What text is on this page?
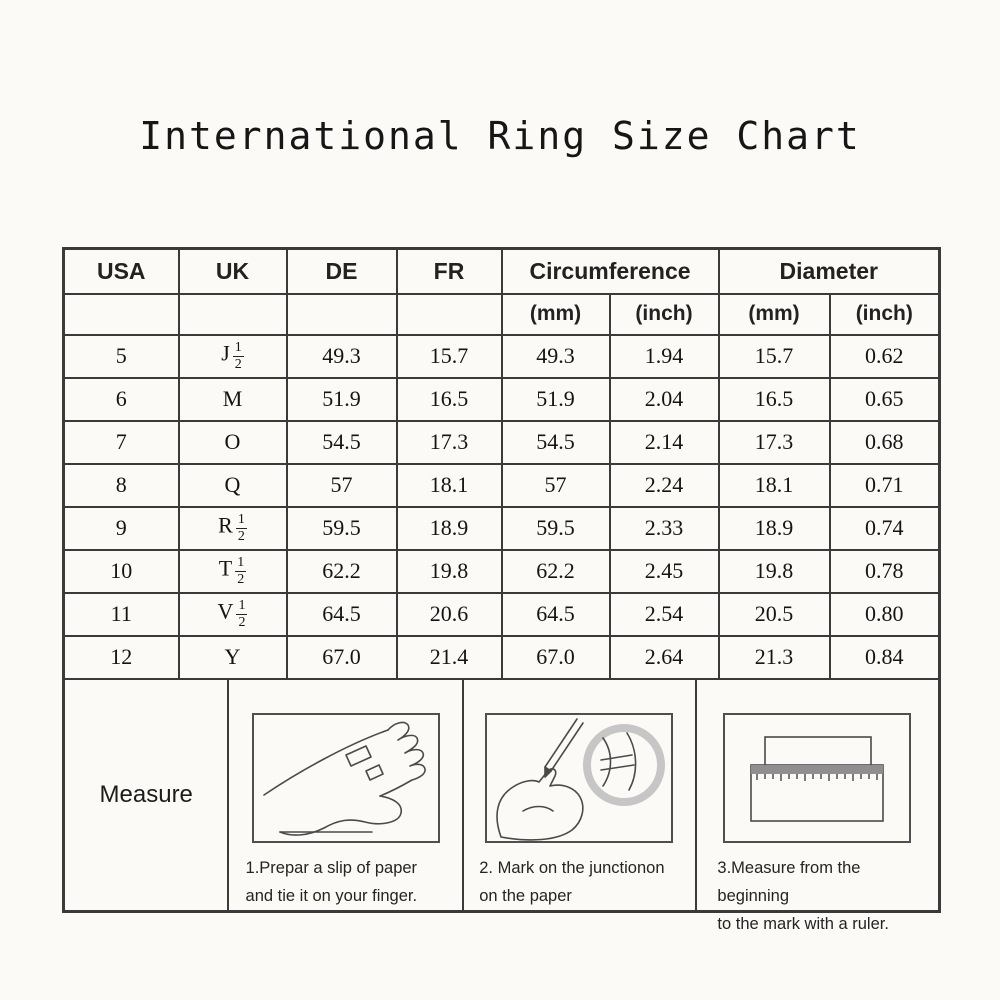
International Ring Size Chart
USA	UK	DE	FR	Circumference		Diameter	
				(mm)	(inch)	(mm)	(inch)
5	J $\frac{1}{2}$	49.3	15.7	49.3	1.94	15.7	0.62
6	M	51.9	16.5	51.9	2.04	16.5	0.65
7	O	54.5	17.3	54.5	2.14	17.3	0.68
8	Q	57	18.1	57	2.24	18.1	0.71
9	R $\frac{1}{2}$	59.5	18.9	59.5	2.33	18.9	0.74
10	T $\frac{1}{2}$	62.2	19.8	62.2	2.45	19.8	0.78
11	V $\frac{1}{2}$	64.5	20.6	64.5	2.54	20.5	0.80
12	Y	67.0	21.4	67.0	2.64	21.3	0.84

Measure
1.Prepar a slip of paper
and tie it on your finger.
2. Mark on the junctionon
on the paper
3.Measure from the beginning
to the mark with a ruler.
